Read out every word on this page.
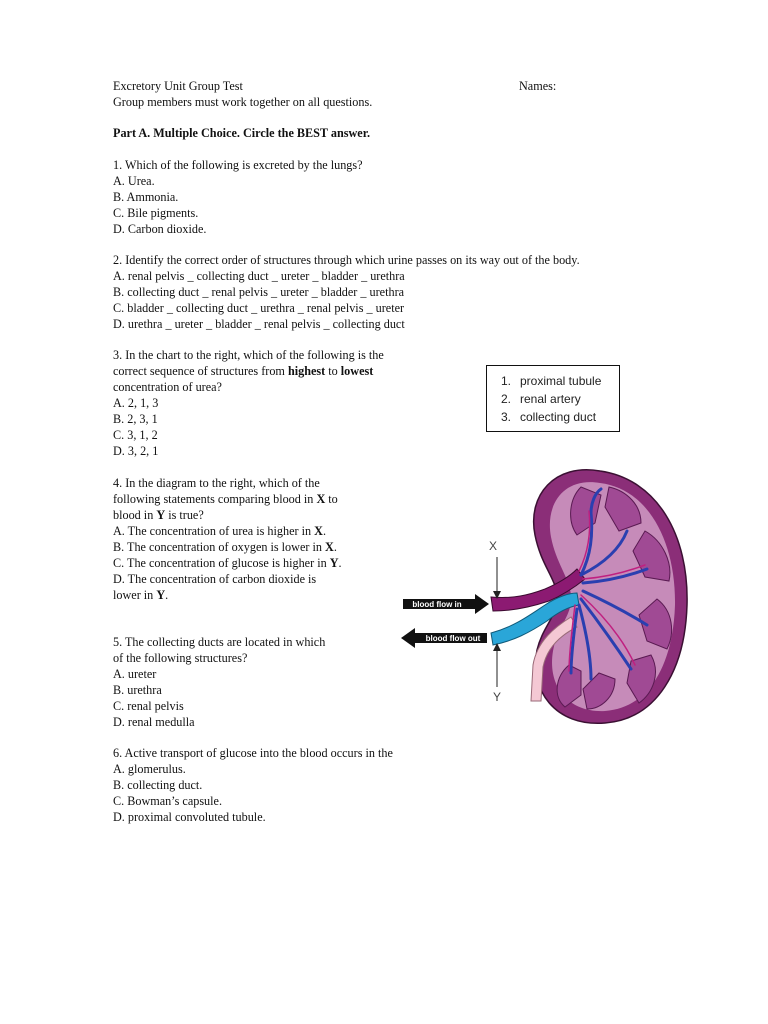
Excretory Unit Group Test	Names:
Group members must work together on all questions.
Part A. Multiple Choice. Circle the BEST answer.
1. Which of the following is excreted by the lungs?
A. Urea.
B. Ammonia.
C. Bile pigments.
D. Carbon dioxide.
2. Identify the correct order of structures through which urine passes on its way out of the body.
A. renal pelvis _ collecting duct _ ureter _ bladder _ urethra
B. collecting duct _ renal pelvis _ ureter _ bladder _ urethra
C. bladder _ collecting duct _ urethra _ renal pelvis _ ureter
D. urethra _ ureter _ bladder _ renal pelvis _ collecting duct
3. In the chart to the right, which of the following is the
correct sequence of structures from highest to lowest
concentration of urea?
A. 2, 1, 3
B. 2, 3, 1
C. 3, 1, 2
D. 3, 2, 1
1. proximal tubule
2. renal artery
3. collecting duct
4. In the diagram to the right, which of the
following statements comparing blood in X to
blood in Y is true?
A. The concentration of urea is higher in X.
B. The concentration of oxygen is lower in X.
C. The concentration of glucose is higher in Y.
D. The concentration of carbon dioxide is
lower in Y.
5. The collecting ducts are located in which
of the following structures?
A. ureter
B. urethra
C. renal pelvis
D. renal medulla
6. Active transport of glucose into the blood occurs in the
A. glomerulus.
B. collecting duct.
C. Bowman’s capsule.
D. proximal convoluted tubule.
X
Y
blood flow in
blood flow out
